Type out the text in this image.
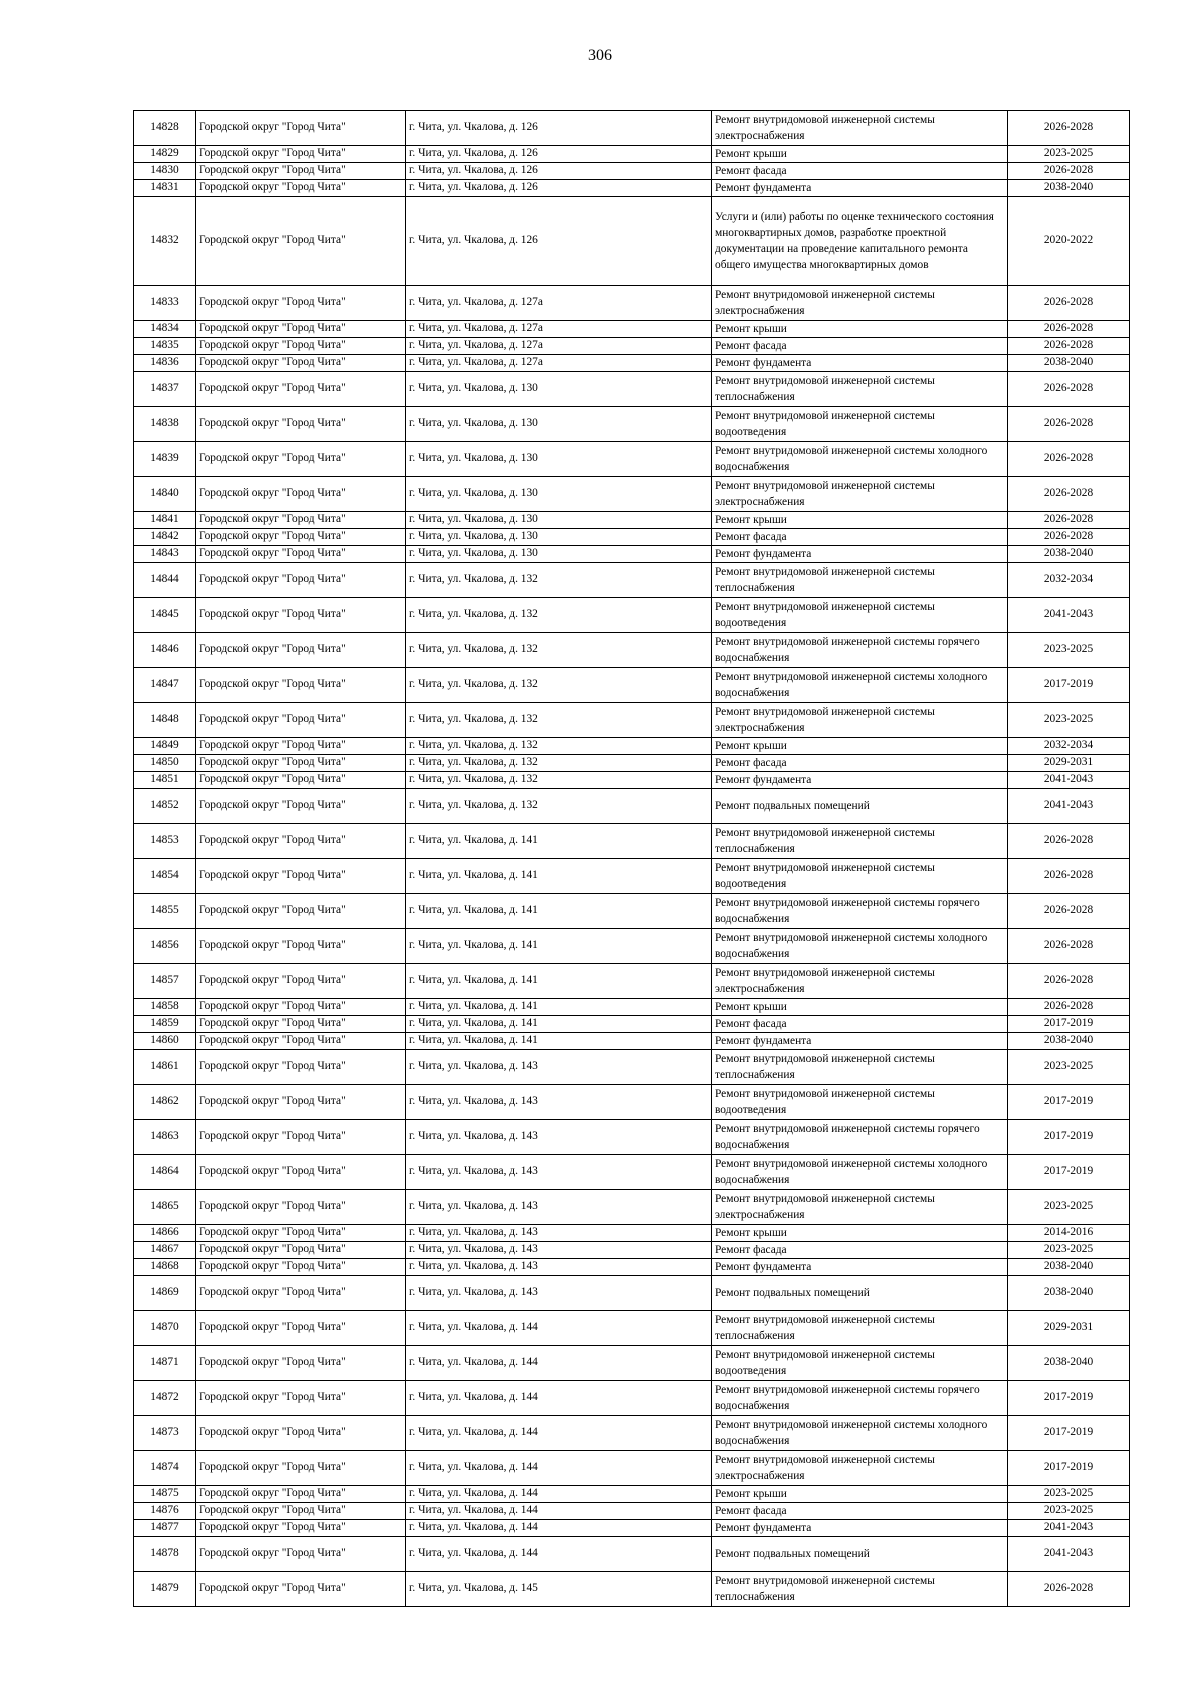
306
14828	Городской округ "Город Чита"	г. Чита, ул. Чкалова, д. 126	Ремонт внутридомовой инженерной системы электроснабжения	2026-2028
14829	Городской округ "Город Чита"	г. Чита, ул. Чкалова, д. 126	Ремонт крыши	2023-2025
14830	Городской округ "Город Чита"	г. Чита, ул. Чкалова, д. 126	Ремонт фасада	2026-2028
14831	Городской округ "Город Чита"	г. Чита, ул. Чкалова, д. 126	Ремонт фундамента	2038-2040
14832	Городской округ "Город Чита"	г. Чита, ул. Чкалова, д. 126	Услуги и (или) работы по оценке технического состояния многоквартирных домов, разработке проектной документации на проведение капитального ремонта общего имущества многоквартирных домов	2020-2022
14833	Городской округ "Город Чита"	г. Чита, ул. Чкалова, д. 127а	Ремонт внутридомовой инженерной системы электроснабжения	2026-2028
14834	Городской округ "Город Чита"	г. Чита, ул. Чкалова, д. 127а	Ремонт крыши	2026-2028
14835	Городской округ "Город Чита"	г. Чита, ул. Чкалова, д. 127а	Ремонт фасада	2026-2028
14836	Городской округ "Город Чита"	г. Чита, ул. Чкалова, д. 127а	Ремонт фундамента	2038-2040
14837	Городской округ "Город Чита"	г. Чита, ул. Чкалова, д. 130	Ремонт внутридомовой инженерной системы теплоснабжения	2026-2028
14838	Городской округ "Город Чита"	г. Чита, ул. Чкалова, д. 130	Ремонт внутридомовой инженерной системы водоотведения	2026-2028
14839	Городской округ "Город Чита"	г. Чита, ул. Чкалова, д. 130	Ремонт внутридомовой инженерной системы холодного водоснабжения	2026-2028
14840	Городской округ "Город Чита"	г. Чита, ул. Чкалова, д. 130	Ремонт внутридомовой инженерной системы электроснабжения	2026-2028
14841	Городской округ "Город Чита"	г. Чита, ул. Чкалова, д. 130	Ремонт крыши	2026-2028
14842	Городской округ "Город Чита"	г. Чита, ул. Чкалова, д. 130	Ремонт фасада	2026-2028
14843	Городской округ "Город Чита"	г. Чита, ул. Чкалова, д. 130	Ремонт фундамента	2038-2040
14844	Городской округ "Город Чита"	г. Чита, ул. Чкалова, д. 132	Ремонт внутридомовой инженерной системы теплоснабжения	2032-2034
14845	Городской округ "Город Чита"	г. Чита, ул. Чкалова, д. 132	Ремонт внутридомовой инженерной системы водоотведения	2041-2043
14846	Городской округ "Город Чита"	г. Чита, ул. Чкалова, д. 132	Ремонт внутридомовой инженерной системы горячего водоснабжения	2023-2025
14847	Городской округ "Город Чита"	г. Чита, ул. Чкалова, д. 132	Ремонт внутридомовой инженерной системы холодного водоснабжения	2017-2019
14848	Городской округ "Город Чита"	г. Чита, ул. Чкалова, д. 132	Ремонт внутридомовой инженерной системы электроснабжения	2023-2025
14849	Городской округ "Город Чита"	г. Чита, ул. Чкалова, д. 132	Ремонт крыши	2032-2034
14850	Городской округ "Город Чита"	г. Чита, ул. Чкалова, д. 132	Ремонт фасада	2029-2031
14851	Городской округ "Город Чита"	г. Чита, ул. Чкалова, д. 132	Ремонт фундамента	2041-2043
14852	Городской округ "Город Чита"	г. Чита, ул. Чкалова, д. 132	Ремонт подвальных помещений	2041-2043
14853	Городской округ "Город Чита"	г. Чита, ул. Чкалова, д. 141	Ремонт внутридомовой инженерной системы теплоснабжения	2026-2028
14854	Городской округ "Город Чита"	г. Чита, ул. Чкалова, д. 141	Ремонт внутридомовой инженерной системы водоотведения	2026-2028
14855	Городской округ "Город Чита"	г. Чита, ул. Чкалова, д. 141	Ремонт внутридомовой инженерной системы горячего водоснабжения	2026-2028
14856	Городской округ "Город Чита"	г. Чита, ул. Чкалова, д. 141	Ремонт внутридомовой инженерной системы холодного водоснабжения	2026-2028
14857	Городской округ "Город Чита"	г. Чита, ул. Чкалова, д. 141	Ремонт внутридомовой инженерной системы электроснабжения	2026-2028
14858	Городской округ "Город Чита"	г. Чита, ул. Чкалова, д. 141	Ремонт крыши	2026-2028
14859	Городской округ "Город Чита"	г. Чита, ул. Чкалова, д. 141	Ремонт фасада	2017-2019
14860	Городской округ "Город Чита"	г. Чита, ул. Чкалова, д. 141	Ремонт фундамента	2038-2040
14861	Городской округ "Город Чита"	г. Чита, ул. Чкалова, д. 143	Ремонт внутридомовой инженерной системы теплоснабжения	2023-2025
14862	Городской округ "Город Чита"	г. Чита, ул. Чкалова, д. 143	Ремонт внутридомовой инженерной системы водоотведения	2017-2019
14863	Городской округ "Город Чита"	г. Чита, ул. Чкалова, д. 143	Ремонт внутридомовой инженерной системы горячего водоснабжения	2017-2019
14864	Городской округ "Город Чита"	г. Чита, ул. Чкалова, д. 143	Ремонт внутридомовой инженерной системы холодного водоснабжения	2017-2019
14865	Городской округ "Город Чита"	г. Чита, ул. Чкалова, д. 143	Ремонт внутридомовой инженерной системы электроснабжения	2023-2025
14866	Городской округ "Город Чита"	г. Чита, ул. Чкалова, д. 143	Ремонт крыши	2014-2016
14867	Городской округ "Город Чита"	г. Чита, ул. Чкалова, д. 143	Ремонт фасада	2023-2025
14868	Городской округ "Город Чита"	г. Чита, ул. Чкалова, д. 143	Ремонт фундамента	2038-2040
14869	Городской округ "Город Чита"	г. Чита, ул. Чкалова, д. 143	Ремонт подвальных помещений	2038-2040
14870	Городской округ "Город Чита"	г. Чита, ул. Чкалова, д. 144	Ремонт внутридомовой инженерной системы теплоснабжения	2029-2031
14871	Городской округ "Город Чита"	г. Чита, ул. Чкалова, д. 144	Ремонт внутридомовой инженерной системы водоотведения	2038-2040
14872	Городской округ "Город Чита"	г. Чита, ул. Чкалова, д. 144	Ремонт внутридомовой инженерной системы горячего водоснабжения	2017-2019
14873	Городской округ "Город Чита"	г. Чита, ул. Чкалова, д. 144	Ремонт внутридомовой инженерной системы холодного водоснабжения	2017-2019
14874	Городской округ "Город Чита"	г. Чита, ул. Чкалова, д. 144	Ремонт внутридомовой инженерной системы электроснабжения	2017-2019
14875	Городской округ "Город Чита"	г. Чита, ул. Чкалова, д. 144	Ремонт крыши	2023-2025
14876	Городской округ "Город Чита"	г. Чита, ул. Чкалова, д. 144	Ремонт фасада	2023-2025
14877	Городской округ "Город Чита"	г. Чита, ул. Чкалова, д. 144	Ремонт фундамента	2041-2043
14878	Городской округ "Город Чита"	г. Чита, ул. Чкалова, д. 144	Ремонт подвальных помещений	2041-2043
14879	Городской округ "Город Чита"	г. Чита, ул. Чкалова, д. 145	Ремонт внутридомовой инженерной системы теплоснабжения	2026-2028
